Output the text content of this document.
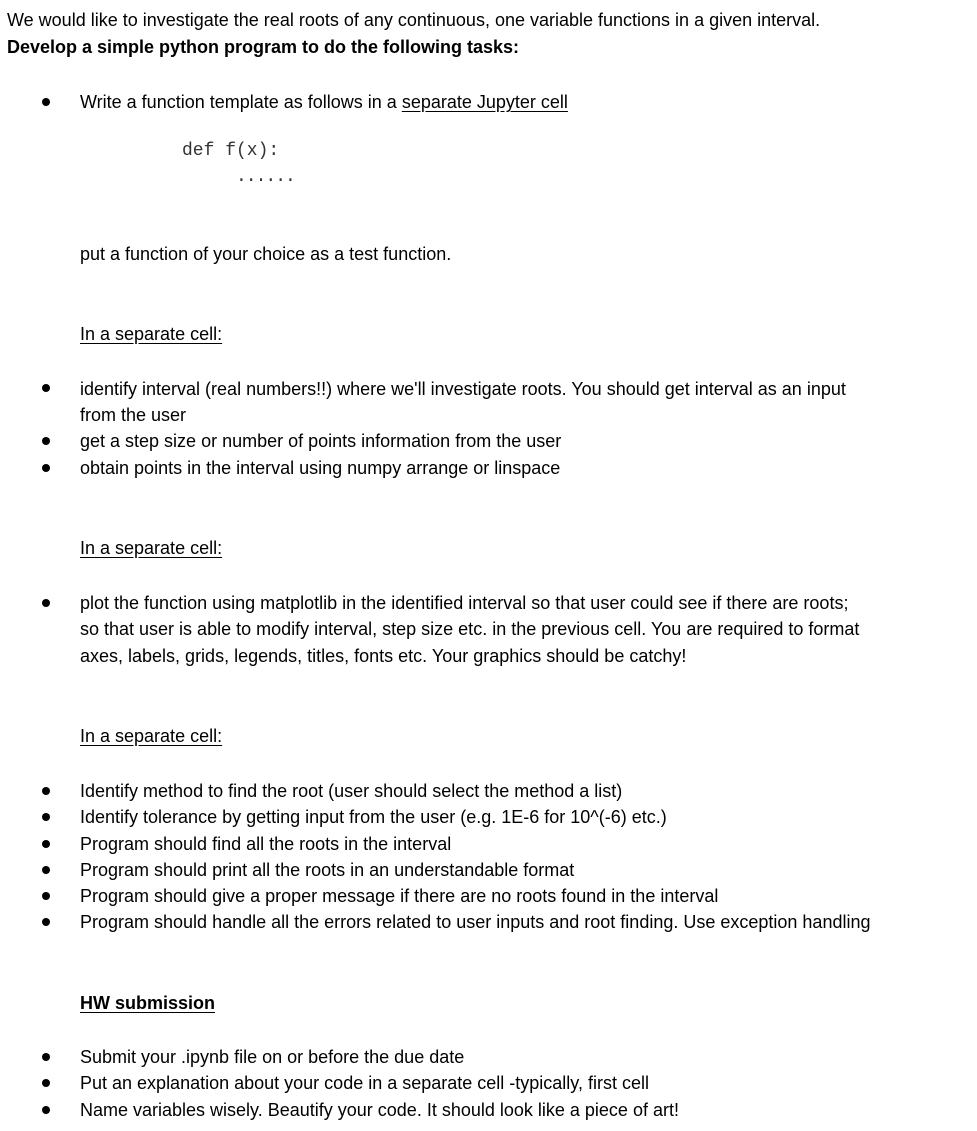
We would like to investigate the real roots of any continuous, one variable functions in a given interval.
Develop a simple python program to do the following tasks:
Write a function template as follows in a separate Jupyter cell
def f(x):
......
put a function of your choice as a test function.
In a separate cell:
identify interval (real numbers!!) where we'll investigate roots. You should get interval as an input
from the user
get a step size or number of points information from the user
obtain points in the interval using numpy arrange or linspace
In a separate cell:
plot the function using matplotlib in the identified interval so that user could see if there are roots;
so that user is able to modify interval, step size etc. in the previous cell. You are required to format
axes, labels, grids, legends, titles, fonts etc. Your graphics should be catchy!
In a separate cell:
Identify method to find the root (user should select the method a list)
Identify tolerance by getting input from the user (e.g. 1E-6 for 10^(-6) etc.)
Program should find all the roots in the interval
Program should print all the roots in an understandable format
Program should give a proper message if there are no roots found in the interval
Program should handle all the errors related to user inputs and root finding. Use exception handling
HW submission
Submit your .ipynb file on or before the due date
Put an explanation about your code in a separate cell -typically, first cell
Name variables wisely. Beautify your code. It should look like a piece of art!
